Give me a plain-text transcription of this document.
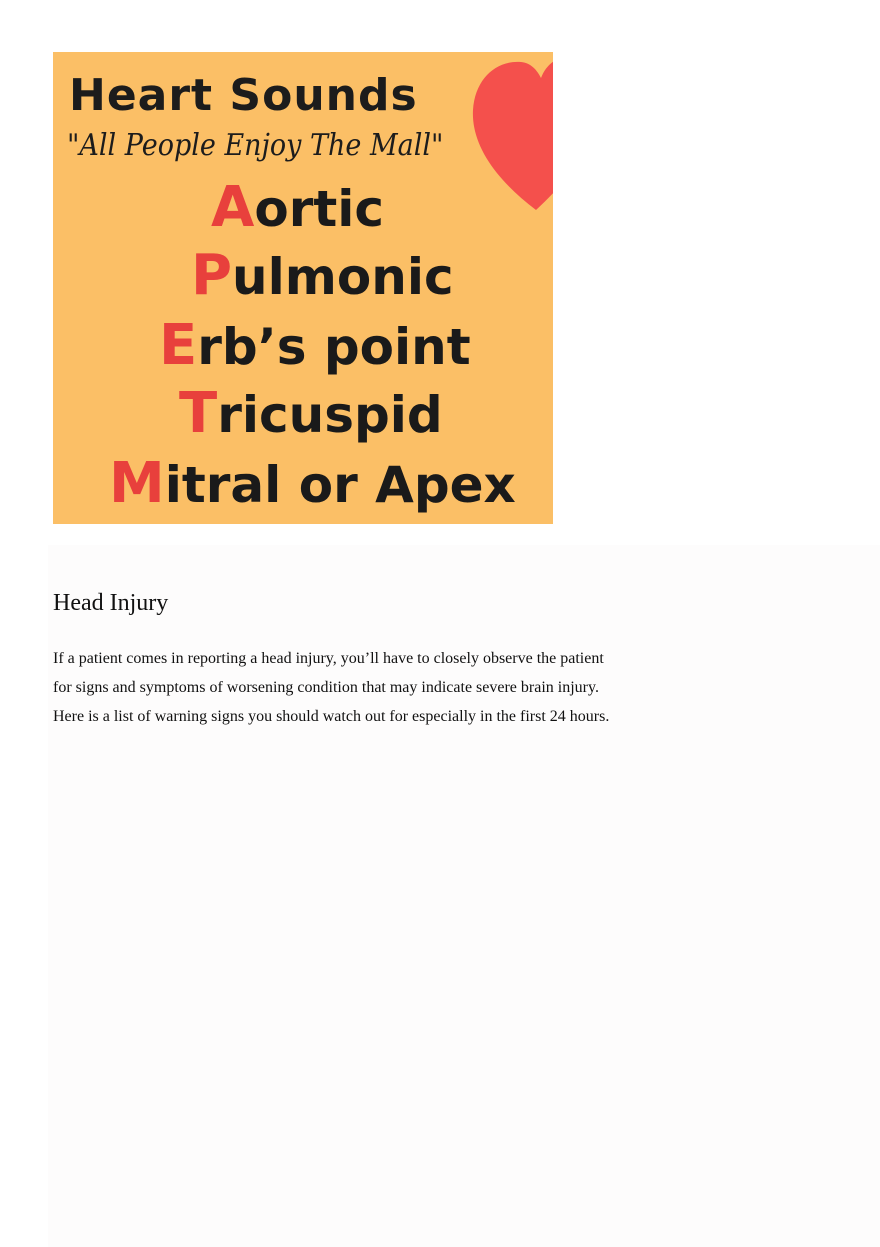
Heart Sounds
"All People Enjoy The Mall"
Aortic
Pulmonic
Erb’s point
Tricuspid
Mitral or Apex
Head Injury

If a patient comes in reporting a head injury, you’ll have to closely observe the patient
for signs and symptoms of worsening condition that may indicate severe brain injury.
Here is a list of warning signs you should watch out for especially in the first 24 hours.
